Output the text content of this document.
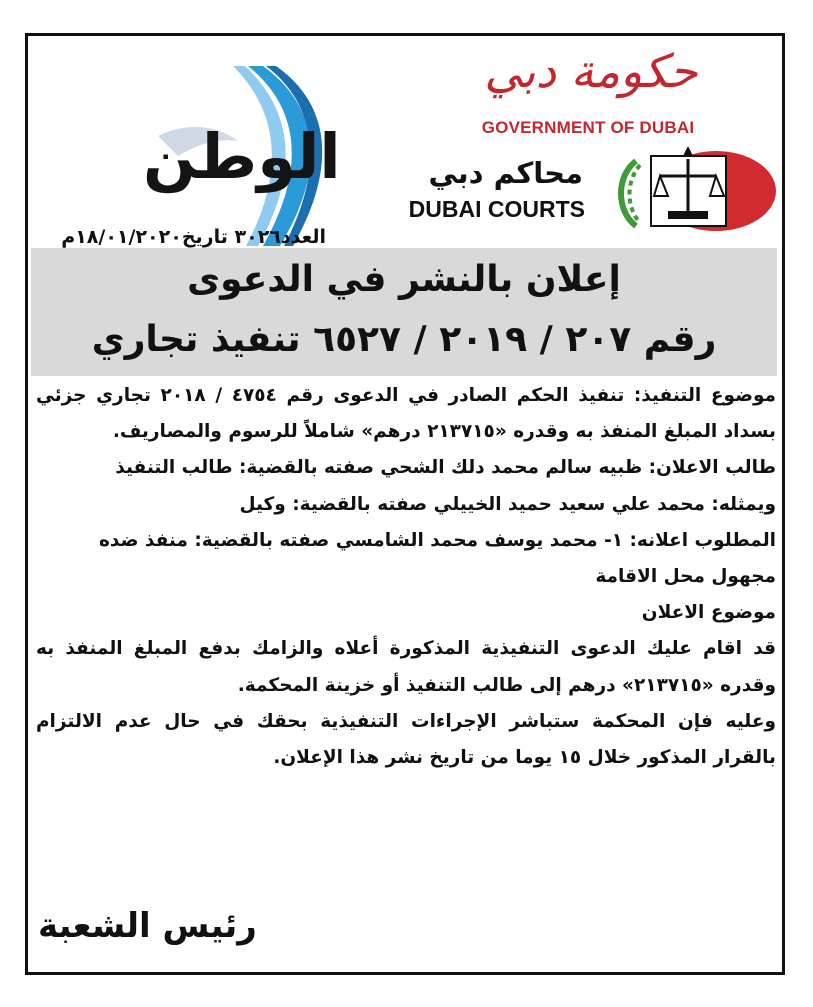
الوطن
العدد٣٠٢٦ تاريخ١٨/٠١/٢٠٢٠م
حكومة دبي
GOVERNMENT OF DUBAI
محاكم دبي
DUBAI COURTS
إعلان بالنشر في الدعوى
رقم ٢٠٧ / ٢٠١٩ / ٦٥٢٧ تنفيذ تجاري

موضوع التنفيذ: تنفيذ الحكم الصادر في الدعوى رقم ٤٧٥٤ / ٢٠١٨ تجاري جزئي بسداد المبلغ المنفذ به وقدره «٢١٣٧١٥ درهم» شاملاً للرسوم والمصاريف.

طالب الاعلان: ظبيه سالم محمد دلك الشحي صفته بالقضية: طالب التنفيذ

ويمثله: محمد علي سعيد حميد الخييلي صفته بالقضية: وكيل

المطلوب اعلانه: ١- محمد يوسف محمد الشامسي صفته بالقضية: منفذ ضده

مجهول محل الاقامة

موضوع الاعلان

قد اقام عليك الدعوى التنفيذية المذكورة أعلاه والزامك بدفع المبلغ المنفذ به وقدره «٢١٣٧١٥» درهم إلى طالب التنفيذ أو خزينة المحكمة.

وعليه فإن المحكمة ستباشر الإجراءات التنفيذية بحقك في حال عدم الالتزام بالقرار المذكور خلال ١٥ يوما من تاريخ نشر هذا الإعلان.

رئيس الشعبة
